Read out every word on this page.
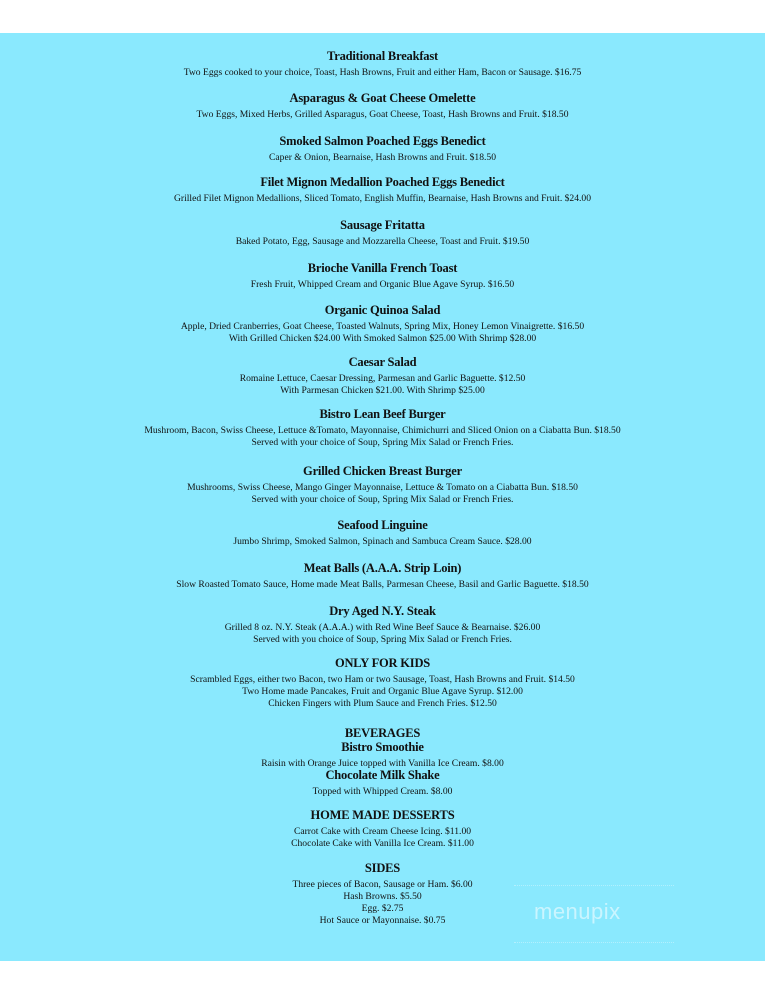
Traditional Breakfast
Two Eggs cooked to your choice, Toast, Hash Browns, Fruit and either Ham, Bacon or Sausage. $16.75
Asparagus & Goat Cheese Omelette
Two Eggs, Mixed Herbs, Grilled Asparagus, Goat Cheese, Toast, Hash Browns and Fruit. $18.50
Smoked Salmon Poached Eggs Benedict
Caper & Onion, Bearnaise, Hash Browns and Fruit. $18.50
Filet Mignon Medallion Poached Eggs Benedict
Grilled Filet Mignon Medallions, Sliced Tomato, English Muffin, Bearnaise, Hash Browns and Fruit. $24.00
Sausage Fritatta
Baked Potato, Egg, Sausage and Mozzarella Cheese, Toast and Fruit. $19.50
Brioche Vanilla French Toast
Fresh Fruit, Whipped Cream and Organic Blue Agave Syrup. $16.50
Organic Quinoa Salad
Apple, Dried Cranberries, Goat Cheese, Toasted Walnuts, Spring Mix, Honey Lemon Vinaigrette. $16.50
With Grilled Chicken $24.00 With Smoked Salmon $25.00 With Shrimp $28.00
Caesar Salad
Romaine Lettuce, Caesar Dressing, Parmesan and Garlic Baguette. $12.50
With Parmesan Chicken $21.00. With Shrimp $25.00
Bistro Lean Beef Burger
Mushroom, Bacon, Swiss Cheese, Lettuce &Tomato, Mayonnaise, Chimichurri and Sliced Onion on a Ciabatta Bun. $18.50
Served with your choice of Soup, Spring Mix Salad or French Fries.
Grilled Chicken Breast Burger
Mushrooms, Swiss Cheese, Mango Ginger Mayonnaise, Lettuce & Tomato on a Ciabatta Bun. $18.50
Served with your choice of Soup, Spring Mix Salad or French Fries.
Seafood Linguine
Jumbo Shrimp, Smoked Salmon, Spinach and Sambuca Cream Sauce. $28.00
Meat Balls (A.A.A. Strip Loin)
Slow Roasted Tomato Sauce, Home made Meat Balls, Parmesan Cheese, Basil and Garlic Baguette. $18.50
Dry Aged N.Y. Steak
Grilled 8 oz. N.Y. Steak (A.A.A.) with Red Wine Beef Sauce & Bearnaise. $26.00
Served with you choice of Soup, Spring Mix Salad or French Fries.
ONLY FOR KIDS
Scrambled Eggs, either two Bacon, two Ham or two Sausage, Toast, Hash Browns and Fruit. $14.50
Two Home made Pancakes, Fruit and Organic Blue Agave Syrup. $12.00
Chicken Fingers with Plum Sauce and French Fries. $12.50
BEVERAGES
Bistro Smoothie
Raisin with Orange Juice topped with Vanilla Ice Cream. $8.00
Chocolate Milk Shake
Topped with Whipped Cream. $8.00
HOME MADE DESSERTS
Carrot Cake with Cream Cheese Icing. $11.00
Chocolate Cake with Vanilla Ice Cream. $11.00
SIDES
Three pieces of Bacon, Sausage or Ham. $6.00
Hash Browns. $5.50
Egg. $2.75
Hot Sauce or Mayonnaise. $0.75	menupix
